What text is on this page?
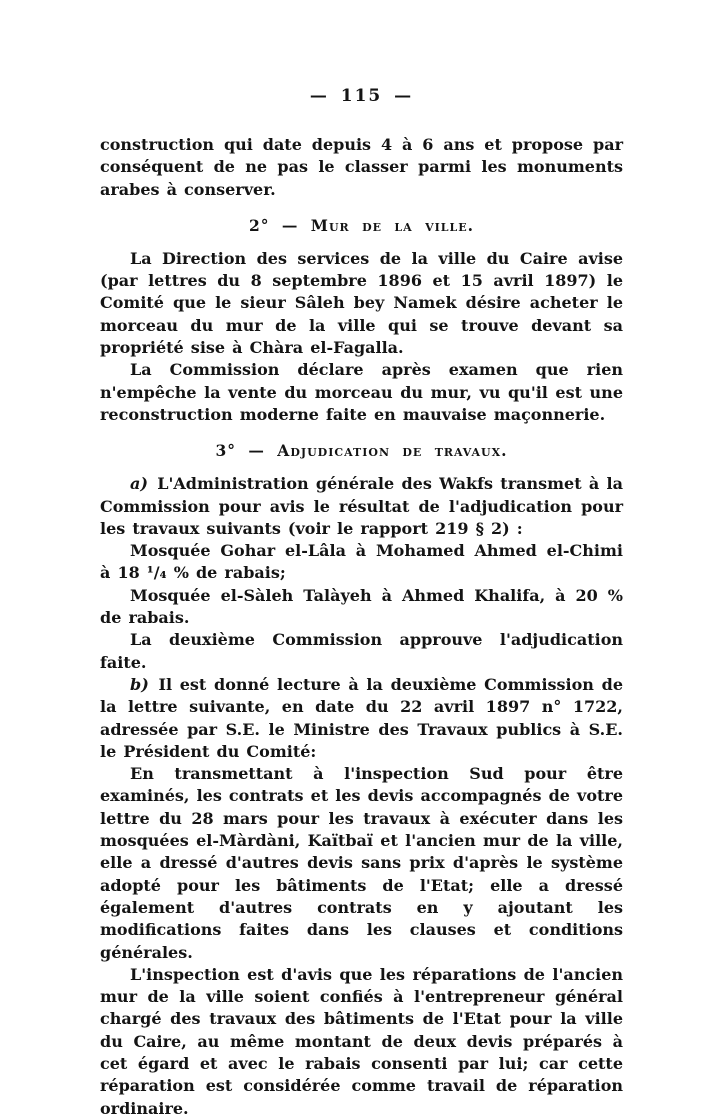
— 115 —

construction qui date depuis 4 à 6 ans et propose par conséquent de ne pas le classer parmi les monuments arabes à conserver.

2° — Mur de la ville.

La Direction des services de la ville du Caire avise (par lettres du 8 septembre 1896 et 15 avril 1897) le Comité que le sieur Sâleh bey Namek désire acheter le morceau du mur de la ville qui se trouve devant sa propriété sise à Chàra el-Fagalla.

La Commission déclare après examen que rien n'empêche la vente du morceau du mur, vu qu'il est une reconstruction moderne faite en mauvaise maçonnerie.

3° — Adjudication de travaux.

a) L'Administration générale des Wakfs transmet à la Commission pour avis le résultat de l'adjudication pour les travaux suivants (voir le rapport 219 § 2) :

Mosquée Gohar el-Lâla à Mohamed Ahmed el-Chimi à 18 ¹/₄ % de rabais;

Mosquée el-Sàleh Talàyeh à Ahmed Khalifa, à 20 % de rabais.

La deuxième Commission approuve l'adjudication faite.

b) Il est donné lecture à la deuxième Commission de la lettre suivante, en date du 22 avril 1897 n° 1722, adressée par S.E. le Ministre des Travaux publics à S.E. le Président du Comité:

En transmettant à l'inspection Sud pour être examinés, les contrats et les devis accompagnés de votre lettre du 28 mars pour les travaux à exécuter dans les mosquées el-Màrdàni, Kaïtbaï et l'ancien mur de la ville, elle a dressé d'autres devis sans prix d'après le système adopté pour les bâtiments de l'Etat; elle a dressé également d'autres contrats en y ajoutant les modifications faites dans les clauses et conditions générales.

L'inspection est d'avis que les réparations de l'ancien mur de la ville soient confiés à l'entrepreneur général chargé des travaux des bâtiments de l'Etat pour la ville du Caire, au même montant de deux devis préparés à cet égard et avec le rabais consenti par lui; car cette réparation est considérée comme travail de réparation ordinaire.
